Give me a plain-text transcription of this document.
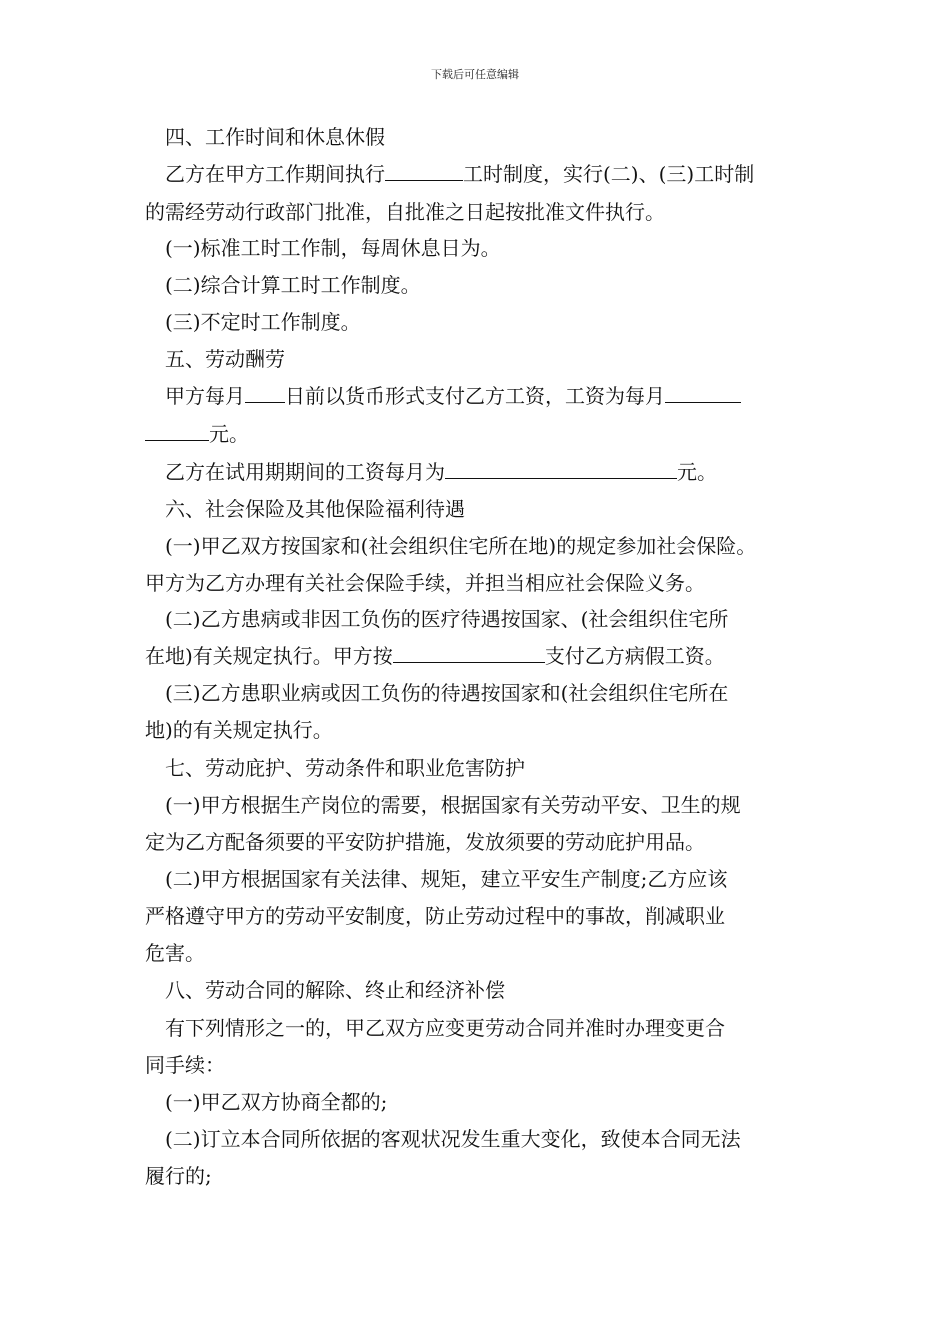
下载后可任意编辑
　四、工作时间和休息休假
　乙方在甲方工作期间执行	工时制度，实行(二)、(三)工时制
的需经劳动行政部门批准，自批准之日起按批准文件执行。
　(一)标准工时工作制，每周休息日为。
　(二)综合计算工时工作制度。
　(三)不定时工作制度。
　五、劳动酬劳
　甲方每月 日前以货币形式支付乙方工资，工资为每月
元。
　乙方在试用期期间的工资每月为	元。
　六、社会保险及其他保险福利待遇
　(一)甲乙双方按国家和(社会组织住宅所在地)的规定参加社会保险。
甲方为乙方办理有关社会保险手续，并担当相应社会保险义务。
　(二)乙方患病或非因工负伤的医疗待遇按国家、(社会组织住宅所
在地)有关规定执行。甲方按	支付乙方病假工资。
　(三)乙方患职业病或因工负伤的待遇按国家和(社会组织住宅所在
地)的有关规定执行。
　七、劳动庇护、劳动条件和职业危害防护
　(一)甲方根据生产岗位的需要，根据国家有关劳动平安、卫生的规
定为乙方配备须要的平安防护措施，发放须要的劳动庇护用品。
　(二)甲方根据国家有关法律、规矩，建立平安生产制度;乙方应该
严格遵守甲方的劳动平安制度，防止劳动过程中的事故，削减职业
危害。
　八、劳动合同的解除、终止和经济补偿
　有下列情形之一的，甲乙双方应变更劳动合同并准时办理变更合
同手续：
　(一)甲乙双方协商全都的;
　(二)订立本合同所依据的客观状况发生重大变化，致使本合同无法
履行的;
